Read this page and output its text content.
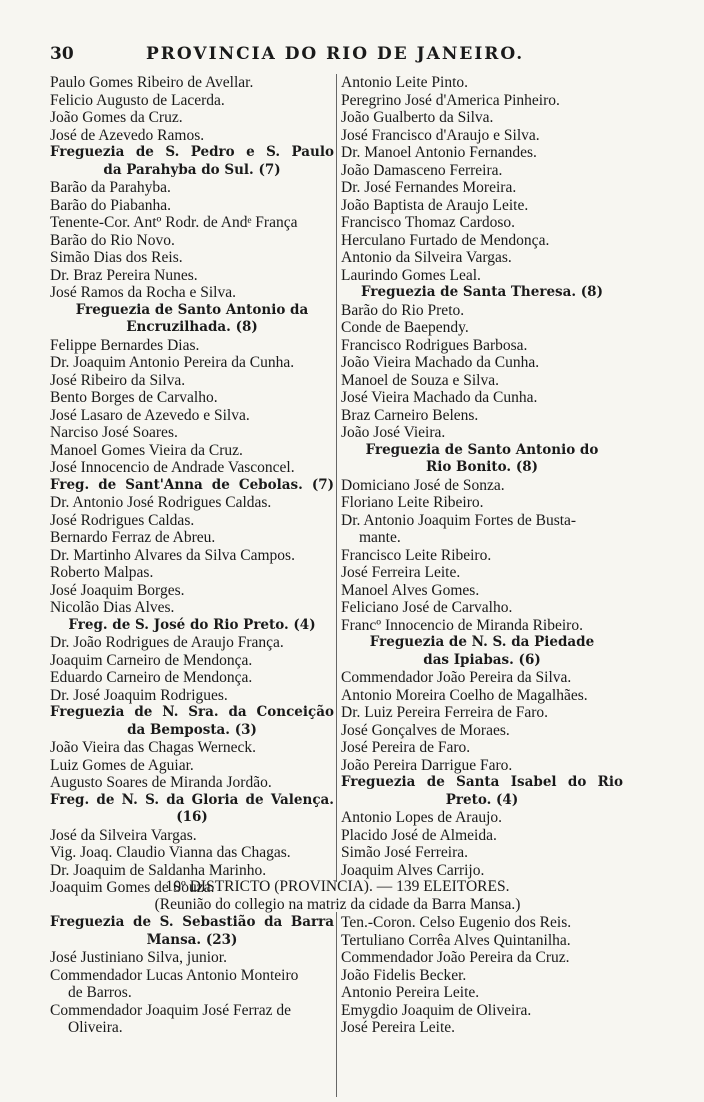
30	PROVINCIA DO RIO DE JANEIRO.
Paulo Gomes Ribeiro de Avellar.
Felicio Augusto de Lacerda.
João Gomes da Cruz.
José de Azevedo Ramos.
Freguezia de S. Pedro e S. Paulo
da Parahyba do Sul. (7)
Barão da Parahyba.
Barão do Piabanha.
Tenente-Cor. Antº Rodr. de Andᵉ França
Barão do Rio Novo.
Simão Dias dos Reis.
Dr. Braz Pereira Nunes.
José Ramos da Rocha e Silva.
Freguezia de Santo Antonio da
Encruzilhada. (8)
Felippe Bernardes Dias.
Dr. Joaquim Antonio Pereira da Cunha.
José Ribeiro da Silva.
Bento Borges de Carvalho.
José Lasaro de Azevedo e Silva.
Narciso José Soares.
Manoel Gomes Vieira da Cruz.
José Innocencio de Andrade Vasconcel.
Freg. de Sant'Anna de Cebolas. (7)
Dr. Antonio José Rodrigues Caldas.
José Rodrigues Caldas.
Bernardo Ferraz de Abreu.
Dr. Martinho Alvares da Silva Campos.
Roberto Malpas.
José Joaquim Borges.
Nicolão Dias Alves.
Freg. de S. José do Rio Preto. (4)
Dr. João Rodrigues de Araujo França.
Joaquim Carneiro de Mendonça.
Eduardo Carneiro de Mendonça.
Dr. José Joaquim Rodrigues.
Freguezia de N. Sra. da Conceição
da Bemposta. (3)
João Vieira das Chagas Werneck.
Luiz Gomes de Aguiar.
Augusto Soares de Miranda Jordão.
Freg. de N. S. da Gloria de Valença.
(16)
José da Silveira Vargas.
Vig. Joaq. Claudio Vianna das Chagas.
Dr. Joaquim de Saldanha Marinho.
Joaquim Gomes de Souza.
Antonio Leite Pinto.
Peregrino José d'America Pinheiro.
João Gualberto da Silva.
José Francisco d'Araujo e Silva.
Dr. Manoel Antonio Fernandes.
João Damasceno Ferreira.
Dr. José Fernandes Moreira.
João Baptista de Araujo Leite.
Francisco Thomaz Cardoso.
Herculano Furtado de Mendonça.
Antonio da Silveira Vargas.
Laurindo Gomes Leal.
Freguezia de Santa Theresa. (8)
Barão do Rio Preto.
Conde de Baependy.
Francisco Rodrigues Barbosa.
João Vieira Machado da Cunha.
Manoel de Souza e Silva.
José Vieira Machado da Cunha.
Braz Carneiro Belens.
João José Vieira.
Freguezia de Santo Antonio do
Rio Bonito. (8)
Domiciano José de Sonza.
Floriano Leite Ribeiro.
Dr. Antonio Joaquim Fortes de Busta-
mante.
Francisco Leite Ribeiro.
José Ferreira Leite.
Manoel Alves Gomes.
Feliciano José de Carvalho.
Francº Innocencio de Miranda Ribeiro.
Freguezia de N. S. da Piedade
das Ipiabas. (6)
Commendador João Pereira da Silva.
Antonio Moreira Coelho de Magalhães.
Dr. Luiz Pereira Ferreira de Faro.
José Gonçalves de Moraes.
José Pereira de Faro.
João Pereira Darrigue Faro.
Freguezia de Santa Isabel do Rio
Preto. (4)
Antonio Lopes de Araujo.
Placido José de Almeida.
Simão José Ferreira.
Joaquim Alves Carrijo.
10º DISTRICTO (PROVINCIA). — 139 ELEITORES.
(Reunião do collegio na matriz da cidade da Barra Mansa.)
Freguezia de S. Sebastião da Barra
Mansa. (23)
José Justiniano Silva, junior.
Commendador Lucas Antonio Monteiro
de Barros.
Commendador Joaquim José Ferraz de
Oliveira.
Ten.-Coron. Celso Eugenio dos Reis.
Tertuliano Corrêa Alves Quintanilha.
Commendador João Pereira da Cruz.
João Fidelis Becker.
Antonio Pereira Leite.
Emygdio Joaquim de Oliveira.
José Pereira Leite.
